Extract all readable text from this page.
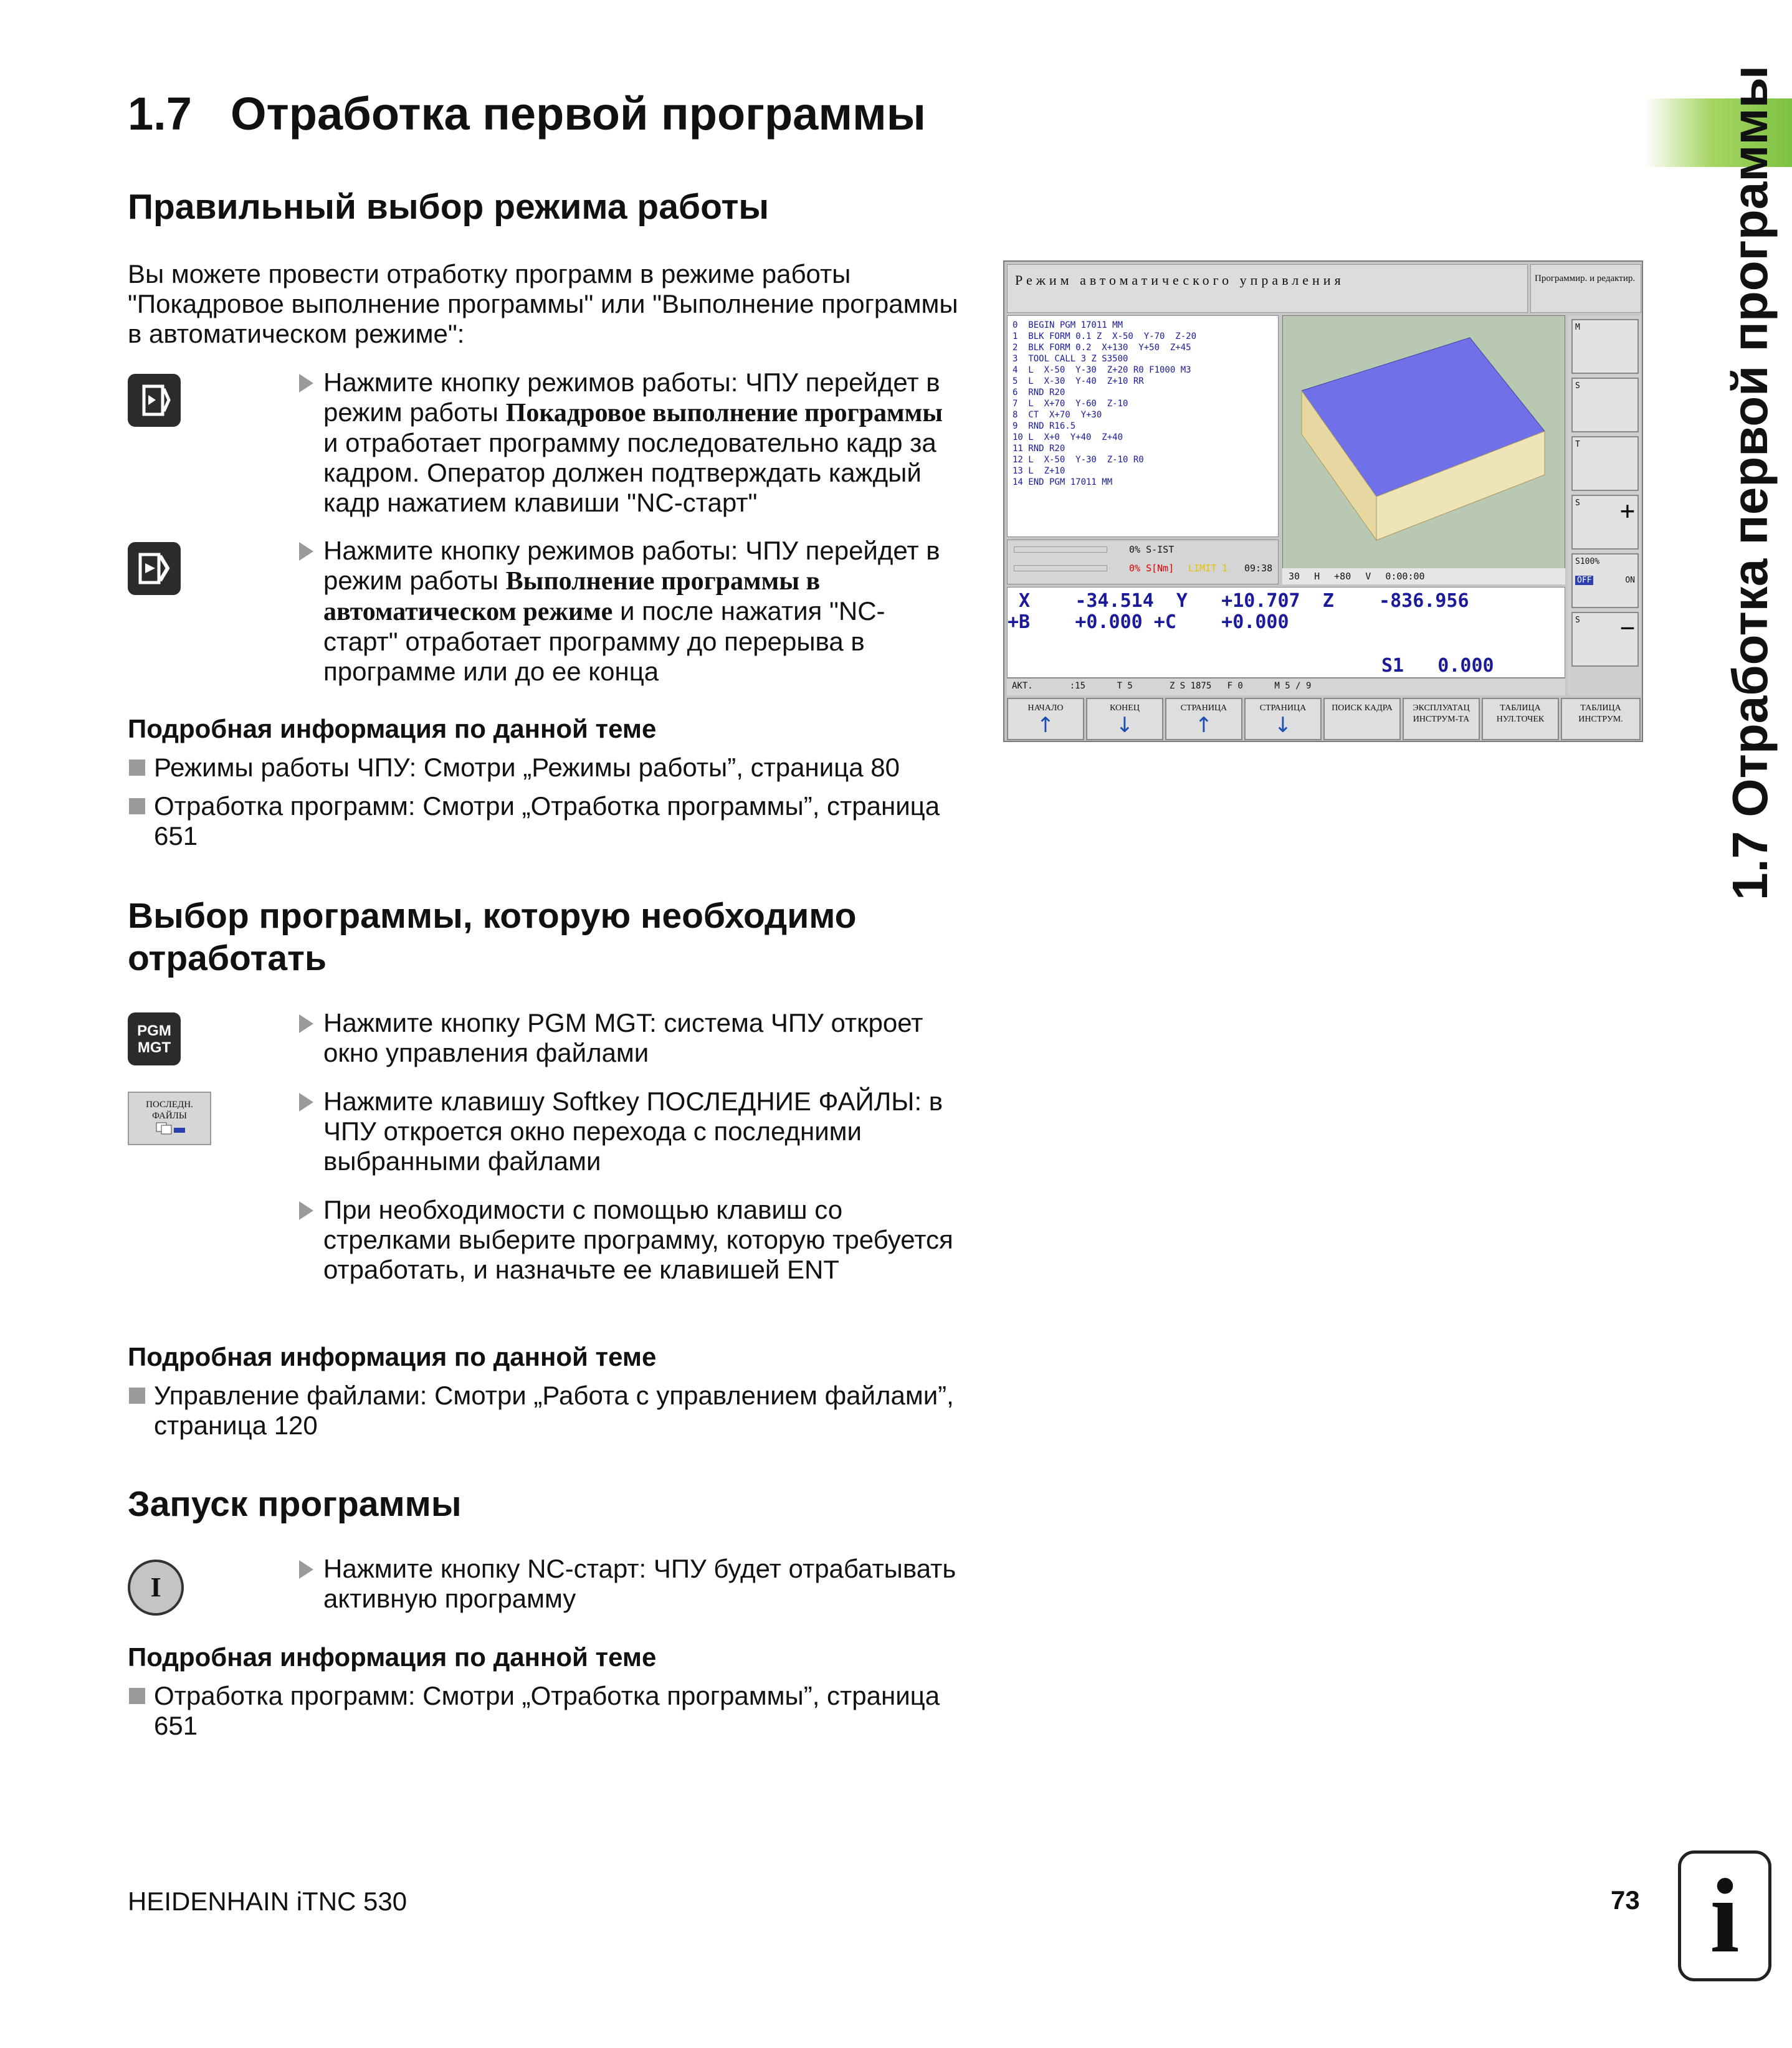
1.7 Отработка первой программы	1.7 Отработка первой программы
Правильный выбор режима работы
Вы можете провести отработку программ в режиме работы "Покадровое выполнение программы" или "Выполнение программы в автоматическом режиме":
Нажмите кнопку режимов работы: ЧПУ перейдет в режим работы Покадровое выполнение программы и отработает программу последовательно кадр за кадром. Оператор должен подтверждать каждый кадр нажатием клавиши "NC-старт"
Нажмите кнопку режимов работы: ЧПУ перейдет в режим работы Выполнение программы в автоматическом режиме и после нажатия "NC-старт" отработает программу до перерыва в программе или до ее конца
Подробная информация по данной теме
Режимы работы ЧПУ: Смотри „Режимы работы”, страница 80
Отработка программ: Смотри „Отработка программы”, страница 651
Выбор программы, которую необходимо отработать
PGM
MGT
Нажмите кнопку PGM MGT: система ЧПУ откроет окно управления файлами
ПОСЛЕДН.
ФАЙЛЫ	Нажмите клавишу Softkey ПОСЛЕДНИЕ ФАЙЛЫ: в ЧПУ откроется окно перехода с последними выбранными файлами
При необходимости с помощью клавиш со стрелками выберите программу, которую требуется отработать, и назначьте ее клавишей ENT
Подробная информация по данной теме
Управление файлами: Смотри „Работа с управлением файлами”, страница 120
Запуск программы
I
Нажмите кнопку NC-старт: ЧПУ будет отрабатывать активную программу
Подробная информация по данной теме
Отработка программ: Смотри „Отработка программы”, страница 651
Режим автоматического управления	Программир. и редактир.
0  BEGIN PGM 17011 MM
1  BLK FORM 0.1 Z  X-50  Y-70  Z-20
2  BLK FORM 0.2  X+130  Y+50  Z+45
3  TOOL CALL 3 Z S3500
4  L  X-50  Y-30  Z+20 R0 F1000 M3
5  L  X-30  Y-40  Z+10 RR
6  RND R20
7  L  X+70  Y-60  Z-10
8  CT  X+70  Y+30
9  RND R16.5
10 L  X+0  Y+40  Z+40
11 RND R20
12 L  X-50  Y-30  Z-10 R0
13 L  Z+10
14 END PGM 17011 MM
30 H +80 V 0:00:00
0% S-IST
0% S[Nm] LIMIT 1 09:38
X    -34.514  Y   +10.707  Z    -836.956
+B    +0.000 +C    +0.000
S1   0.000
AKT.       :15      T 5       Z S 1875   F 0      M 5 / 9
M
S
T
S +
S100%

OFF	ON
S −
НАЧАЛО
↑
КОНЕЦ
↓
СТРАНИЦА
↑
СТРАНИЦА
↓
ПОИСК КАДРА	ЭКСПЛУАТАЦ ИНСТРУМ-ТА
ТАБЛИЦА НУЛ.ТОЧЕК
ТАБЛИЦА ИНСТРУМ.
HEIDENHAIN iTNC 530	73 i
